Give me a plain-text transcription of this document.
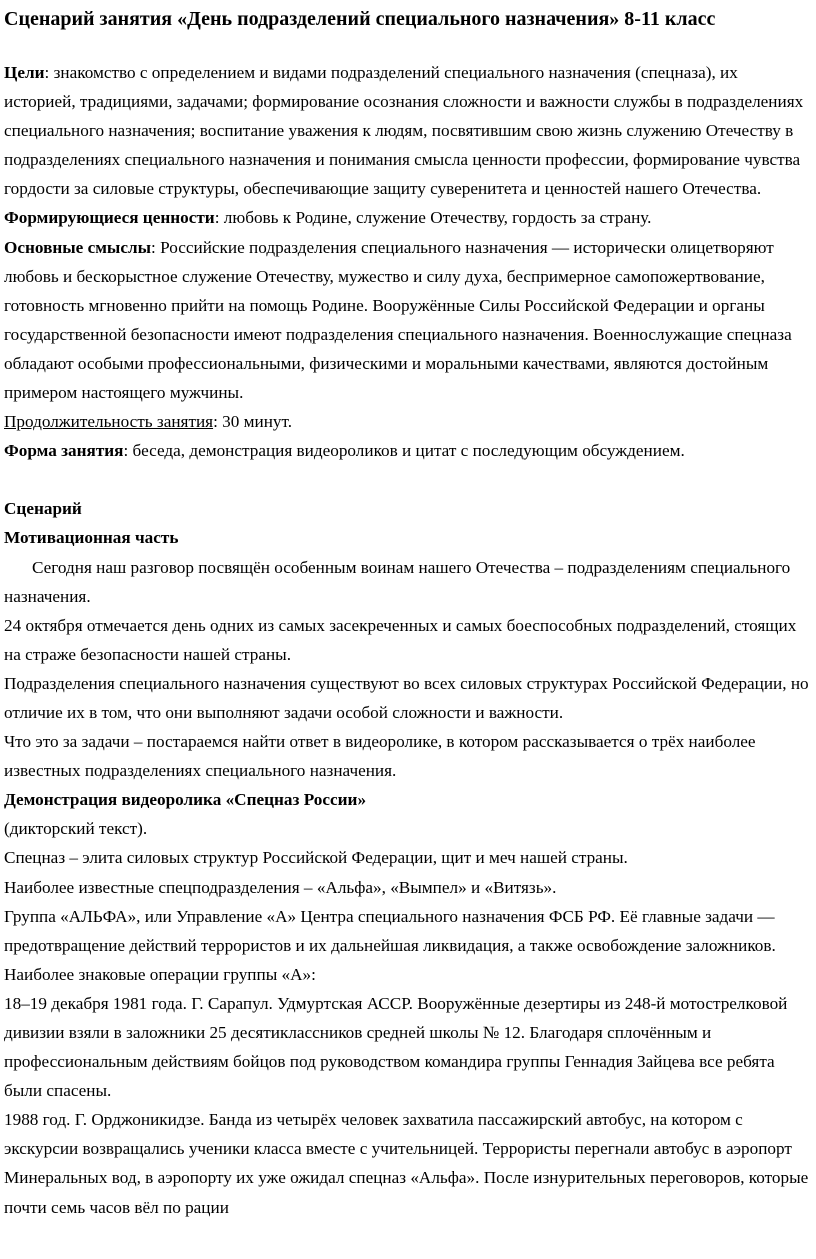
Сценарий занятия «День подразделений специального назначения» 8-11 класс

Цели: знакомство с определением и видами подразделений специального назначения (спецназа), их историей, традициями, задачами; формирование осознания сложности и важности службы в подразделениях специального назначения; воспитание уважения к людям, посвятившим свою жизнь служению Отечеству в подразделениях специального назначения и понимания смысла ценности профессии, формирование чувства гордости за силовые структуры, обеспечивающие защиту суверенитета и ценностей нашего Отечества.

Формирующиеся ценности: любовь к Родине, служение Отечеству, гордость за страну.

Основные смыслы: Российские подразделения специального назначения — исторически олицетворяют любовь и бескорыстное служение Отечеству, мужество и силу духа, беспримерное самопожертвование, готовность мгновенно прийти на помощь Родине. Вооружённые Силы Российской Федерации и органы государственной безопасности имеют подразделения специального назначения. Военнослужащие спецназа обладают особыми профессиональными, физическими и моральными качествами, являются достойным примером настоящего мужчины.

Продолжительность занятия: 30 минут.

Форма занятия: беседа, демонстрация видеороликов и цитат с последующим обсуждением.

Сценарий

Мотивационная часть

Сегодня наш разговор посвящён особенным воинам нашего Отечества – подразделениям специального назначения.

24 октября отмечается день одних из самых засекреченных и самых боеспособных подразделений, стоящих на страже безопасности нашей страны.

Подразделения специального назначения существуют во всех силовых структурах Российской Федерации, но отличие их в том, что они выполняют задачи особой сложности и важности.

Что это за задачи – постараемся найти ответ в видеоролике, в котором рассказывается о трёх наиболее известных подразделениях специального назначения.

Демонстрация видеоролика «Спецназ России»

(дикторский текст).

Спецназ – элита силовых структур Российской Федерации, щит и меч нашей страны.

Наиболее известные спецподразделения – «Альфа», «Вымпел» и «Витязь».

Группа «АЛЬФА», или Управление «А» Центра специального назначения ФСБ РФ. Её главные задачи — предотвращение действий террористов и их дальнейшая ликвидация, а также освобождение заложников. Наиболее знаковые операции группы «А»:

18–19 декабря 1981 года. Г. Сарапул. Удмуртская АССР. Вооружённые дезертиры из 248-й мотострелковой дивизии взяли в заложники 25 десятиклассников средней школы № 12. Благодаря сплочённым и профессиональным действиям бойцов под руководством командира группы Геннадия Зайцева все ребята были спасены.

1988 год. Г. Орджоникидзе. Банда из четырёх человек захватила пассажирский автобус, на котором с экскурсии возвращались ученики класса вместе с учительницей. Террористы перегнали автобус в аэропорт Минеральных вод, в аэропорту их уже ожидал спецназ «Альфа». После изнурительных переговоров, которые почти семь часов вёл по рации
